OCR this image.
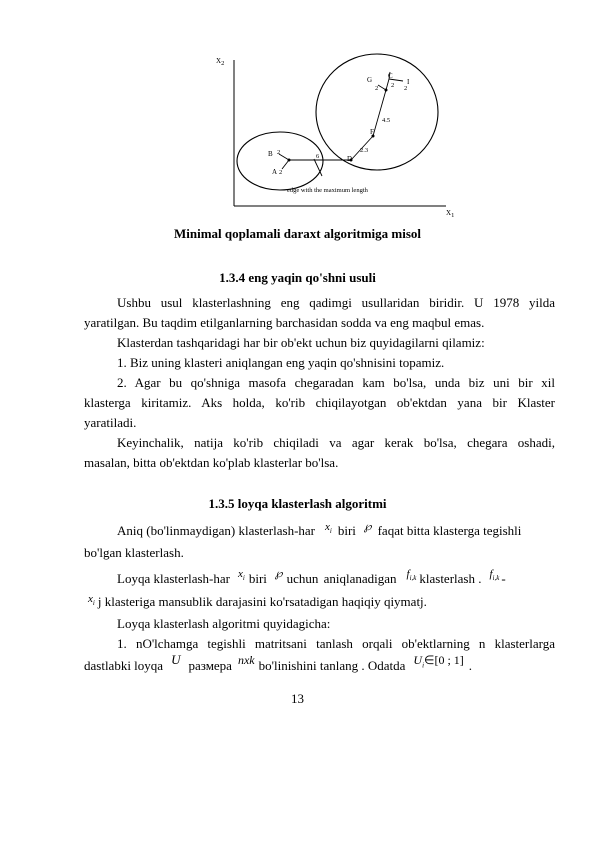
X2
X1
G
2
C
2 2
I
4.5
F
2.3
B 2
A 2
6	D
edge with the maximum length
Minimal qoplamali daraxt algoritmiga misol
1.3.4 eng yaqin qo'shni usuli
Ushbu usul klasterlashning eng qadimgi usullaridan biridir. U 1978 yilda
yaratilgan. Bu taqdim etilganlarning barchasidan sodda va eng maqbul emas.
Klasterdan tashqaridagi har bir ob'ekt uchun biz quyidagilarni qilamiz:
1. Biz uning klasteri aniqlangan eng yaqin qo'shnisini topamiz.
2. Agar bu qo'shniga masofa chegaradan kam bo'lsa, unda biz uni bir xil
klasterga kiritamiz. Aks holda, ko'rib chiqilayotgan ob'ektdan yana bir Klaster
yaratiladi.
Keyinchalik, natija ko'rib chiqiladi va agar kerak bo'lsa, chegara oshadi,
masalan, bitta ob'ektdan ko'plab klasterlar bo'lsa.
1.3.5 loyqa klasterlash algoritmi
Aniq (bo'linmaydigan) klasterlash-har $x_i$ biri ℘ faqat bitta klasterga tegishli
bo'lgan klasterlash.
Loyqa klasterlash-har $x_i$ biri ℘ uchun aniqlanadigan $f_{i,k}$ klasterlash . $f_{i,k}$ -
$x_i$ j klasteriga mansublik darajasini ko'rsatadigan haqiqiy qiymatj.
Loyqa klasterlash algoritmi quyidagicha:
1. nO'lchamga tegishli matritsani tanlash orqali ob'ektlarning n klasterlarga
dastlabki loyqa U размера nxk bo'linishini tanlang . Odatda $U_i\in[0$ ; 1] .
13
